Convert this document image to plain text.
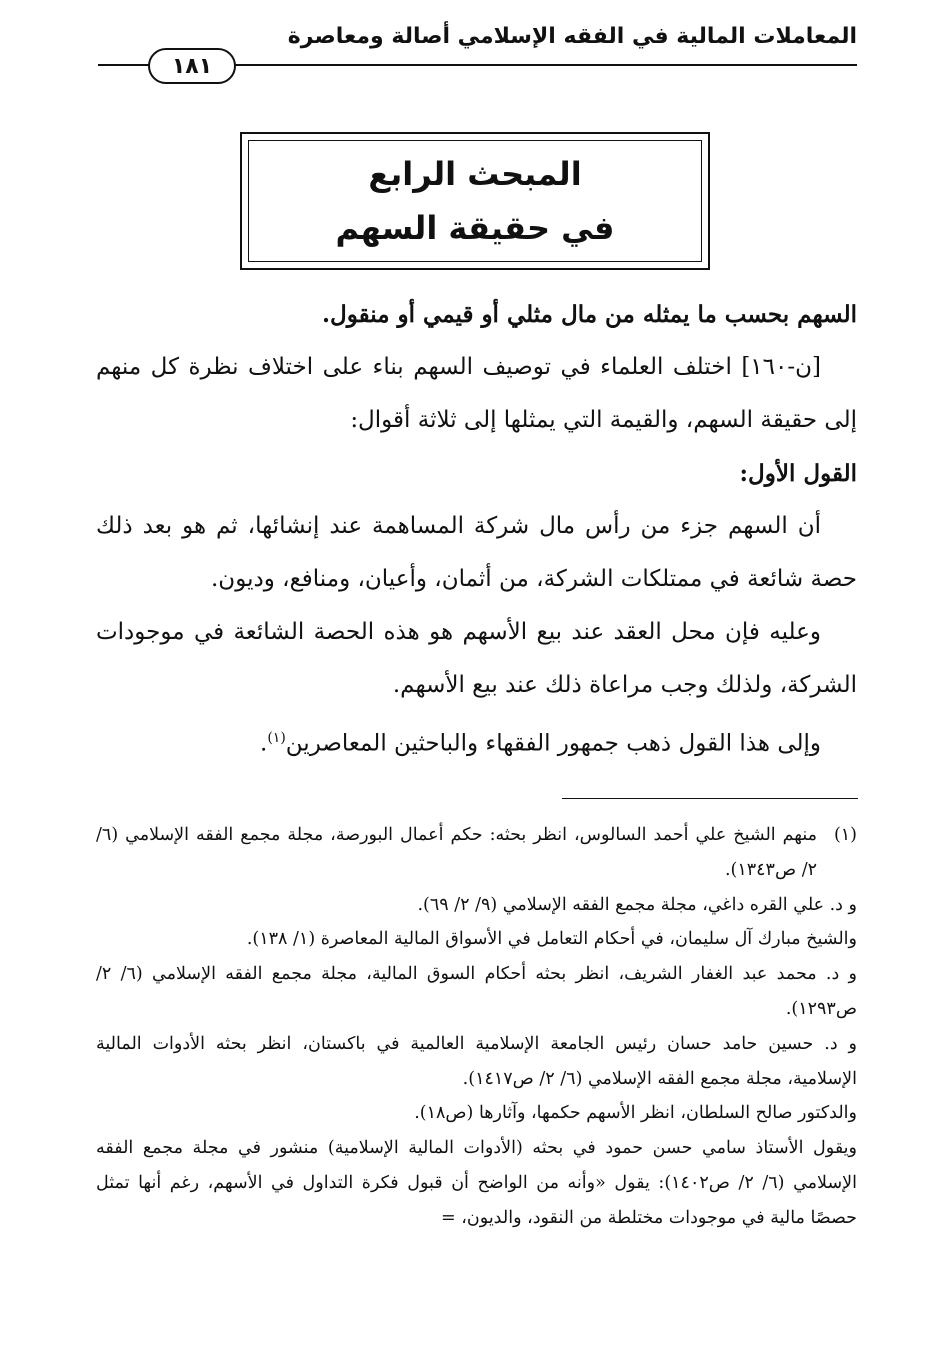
المعاملات المالية في الفقه الإسلامي أصالة ومعاصرة
١٨١
المبحث الرابع
في حقيقة السهم

السهم بحسب ما يمثله من مال مثلي أو قيمي أو منقول.

[ن-١٦٠] اختلف العلماء في توصيف السهم بناء على اختلاف نظرة كل منهم إلى حقيقة السهم، والقيمة التي يمثلها إلى ثلاثة أقوال:

القول الأول:

أن السهم جزء من رأس مال شركة المساهمة عند إنشائها، ثم هو بعد ذلك حصة شائعة في ممتلكات الشركة، من أثمان، وأعيان، ومنافع، وديون.

وعليه فإن محل العقد عند بيع الأسهم هو هذه الحصة الشائعة في موجودات الشركة، ولذلك وجب مراعاة ذلك عند بيع الأسهم.

وإلى هذا القول ذهب جمهور الفقهاء والباحثين المعاصرين$^{(١)}$.

(١)منهم الشيخ علي أحمد السالوس، انظر بحثه: حكم أعمال البورصة، مجلة مجمع الفقه الإسلامي (٦/ ٢/ ص١٣٤٣).

و د. علي القره داغي، مجلة مجمع الفقه الإسلامي (٩/ ٢/ ٦٩).

والشيخ مبارك آل سليمان، في أحكام التعامل في الأسواق المالية المعاصرة (١/ ١٣٨).

و د. محمد عبد الغفار الشريف، انظر بحثه أحكام السوق المالية، مجلة مجمع الفقه الإسلامي (٦/ ٢/ ص١٢٩٣).

و د. حسين حامد حسان رئيس الجامعة الإسلامية العالمية في باكستان، انظر بحثه الأدوات المالية الإسلامية، مجلة مجمع الفقه الإسلامي (٦/ ٢/ ص١٤١٧).

والدكتور صالح السلطان، انظر الأسهم حكمها، وآثارها (ص١٨).

ويقول الأستاذ سامي حسن حمود في بحثه (الأدوات المالية الإسلامية) منشور في مجلة مجمع الفقه الإسلامي (٦/ ٢/ ص١٤٠٢): يقول «وأنه من الواضح أن قبول فكرة التداول في الأسهم، رغم أنها تمثل حصصًا مالية في موجودات مختلطة من النقود، والديون، =
